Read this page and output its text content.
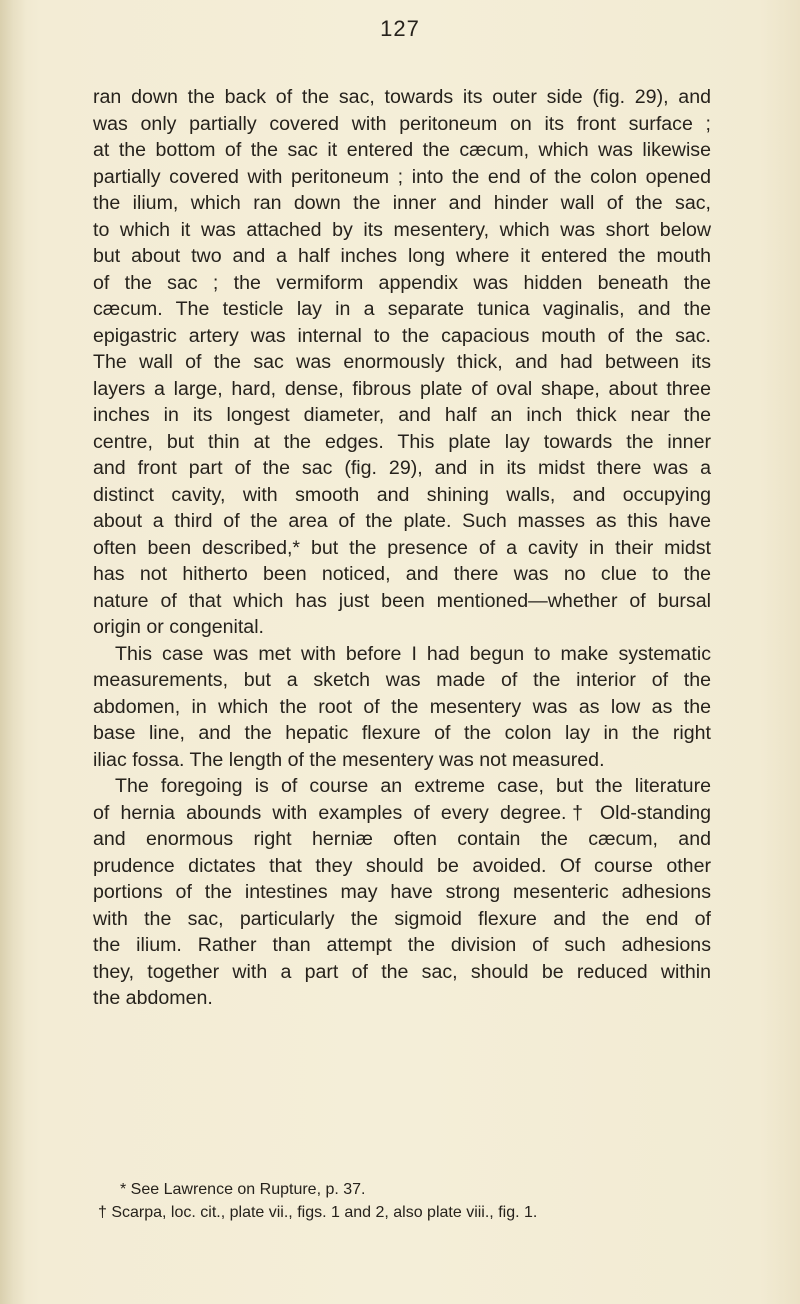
127
ran down the back of the sac, towards its outer side (fig. 29), and
was only partially covered with peritoneum on its front surface ;
at the bottom of the sac it entered the cæcum, which was likewise
partially covered with peritoneum ; into the end of the colon opened
the ilium, which ran down the inner and hinder wall of the sac,
to which it was attached by its mesentery, which was short below
but about two and a half inches long where it entered the mouth
of the sac ; the vermiform appendix was hidden beneath the
cæcum. The testicle lay in a separate tunica vaginalis, and the
epigastric artery was internal to the capacious mouth of the sac.
The wall of the sac was enormously thick, and had between its
layers a large, hard, dense, fibrous plate of oval shape, about three
inches in its longest diameter, and half an inch thick near the
centre, but thin at the edges. This plate lay towards the inner
and front part of the sac (fig. 29), and in its midst there was a
distinct cavity, with smooth and shining walls, and occupying
about a third of the area of the plate. Such masses as this have
often been described,* but the presence of a cavity in their midst
has not hitherto been noticed, and there was no clue to the
nature of that which has just been mentioned—whether of bursal
origin or congenital.
This case was met with before I had begun to make systematic
measurements, but a sketch was made of the interior of the
abdomen, in which the root of the mesentery was as low as the
base line, and the hepatic flexure of the colon lay in the right
iliac fossa. The length of the mesentery was not measured.
The foregoing is of course an extreme case, but the literature
of hernia abounds with examples of every degree.† Old-standing
and enormous right herniæ often contain the cæcum, and
prudence dictates that they should be avoided. Of course other
portions of the intestines may have strong mesenteric adhesions
with the sac, particularly the sigmoid flexure and the end of
the ilium. Rather than attempt the division of such adhesions
they, together with a part of the sac, should be reduced within
the abdomen.
* See Lawrence on Rupture, p. 37.
† Scarpa, loc. cit., plate vii., figs. 1 and 2, also plate viii., fig. 1.
